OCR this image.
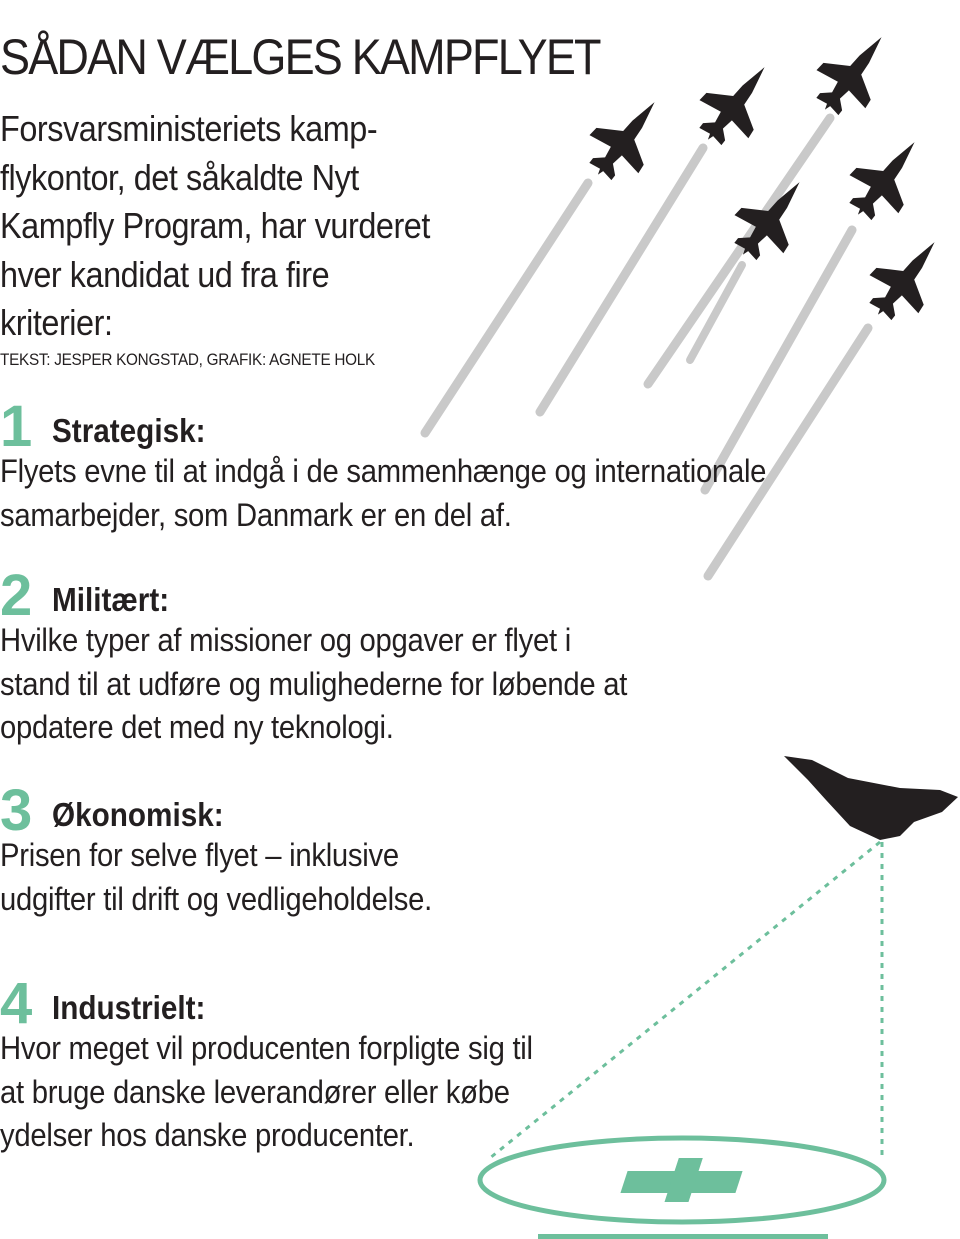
SÅDAN VÆLGES KAMPFLYET

Forsvarsministeriets kamp-flykontor, det såkaldte Nyt Kampfly Program, har vurderet hver kandidat ud fra fire kriterier:

TEKST: JESPER KONGSTAD, GRAFIK: AGNETE HOLK
1 Strategisk:

Flyets evne til at indgå i de sammenhænge og internationale samarbejder, som Danmark er en del af.

2 Militært:

Hvilke typer af missioner og opgaver er flyet i stand til at udføre og mulighederne for løbende at opdatere det med ny teknologi.

3 Økonomisk:

Prisen for selve flyet – inklusive udgifter til drift og vedligeholdelse.

4 Industrielt:

Hvor meget vil producenten forpligte sig til at bruge danske leverandører eller købe ydelser hos danske producenter.
